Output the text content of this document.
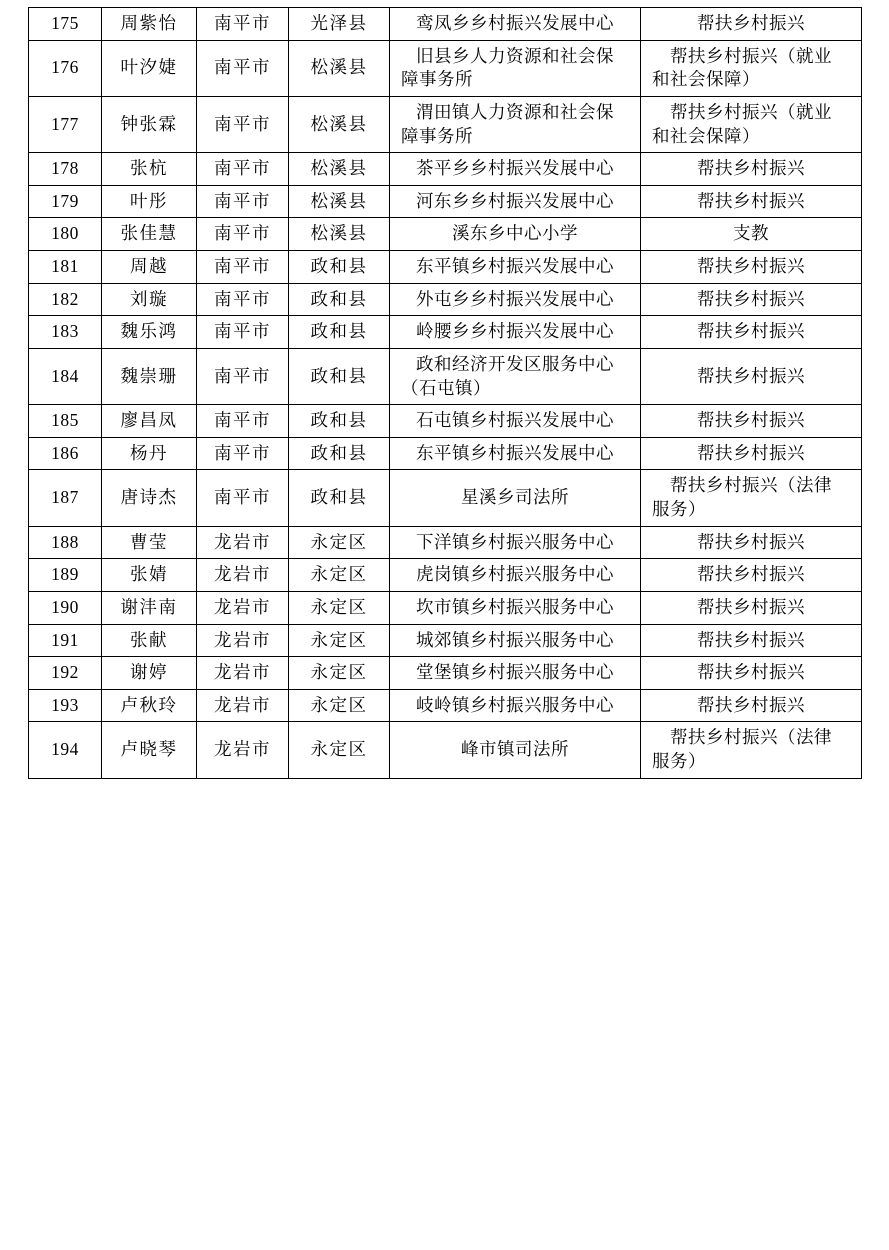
175	周紫怡	南平市	光泽县	鸾凤乡乡村振兴发展中心	帮扶乡村振兴

176	叶汐婕	南平市	松溪县	旧县乡人力资源和社会保
障事务所	帮扶乡村振兴（就业
和社会保障）

177	钟张霖	南平市	松溪县	渭田镇人力资源和社会保
障事务所	帮扶乡村振兴（就业
和社会保障）

178	张杭	南平市	松溪县	茶平乡乡村振兴发展中心	帮扶乡村振兴

179	叶彤	南平市	松溪县	河东乡乡村振兴发展中心	帮扶乡村振兴

180	张佳慧	南平市	松溪县	溪东乡中心小学	支教

181	周越	南平市	政和县	东平镇乡村振兴发展中心	帮扶乡村振兴

182	刘璇	南平市	政和县	外屯乡乡村振兴发展中心	帮扶乡村振兴

183	魏乐鸿	南平市	政和县	岭腰乡乡村振兴发展中心	帮扶乡村振兴

184	魏崇珊	南平市	政和县	政和经济开发区服务中心
（石屯镇）	帮扶乡村振兴

185	廖昌凤	南平市	政和县	石屯镇乡村振兴发展中心	帮扶乡村振兴

186	杨丹	南平市	政和县	东平镇乡村振兴发展中心	帮扶乡村振兴

187	唐诗杰	南平市	政和县	星溪乡司法所	帮扶乡村振兴（法律
服务）

188	曹莹	龙岩市	永定区	下洋镇乡村振兴服务中心	帮扶乡村振兴

189	张婧	龙岩市	永定区	虎岗镇乡村振兴服务中心	帮扶乡村振兴

190	谢沣南	龙岩市	永定区	坎市镇乡村振兴服务中心	帮扶乡村振兴

191	张献	龙岩市	永定区	城郊镇乡村振兴服务中心	帮扶乡村振兴

192	谢婷	龙岩市	永定区	堂堡镇乡村振兴服务中心	帮扶乡村振兴

193	卢秋玲	龙岩市	永定区	岐岭镇乡村振兴服务中心	帮扶乡村振兴

194	卢晓琴	龙岩市	永定区	峰市镇司法所	帮扶乡村振兴（法律
服务）
